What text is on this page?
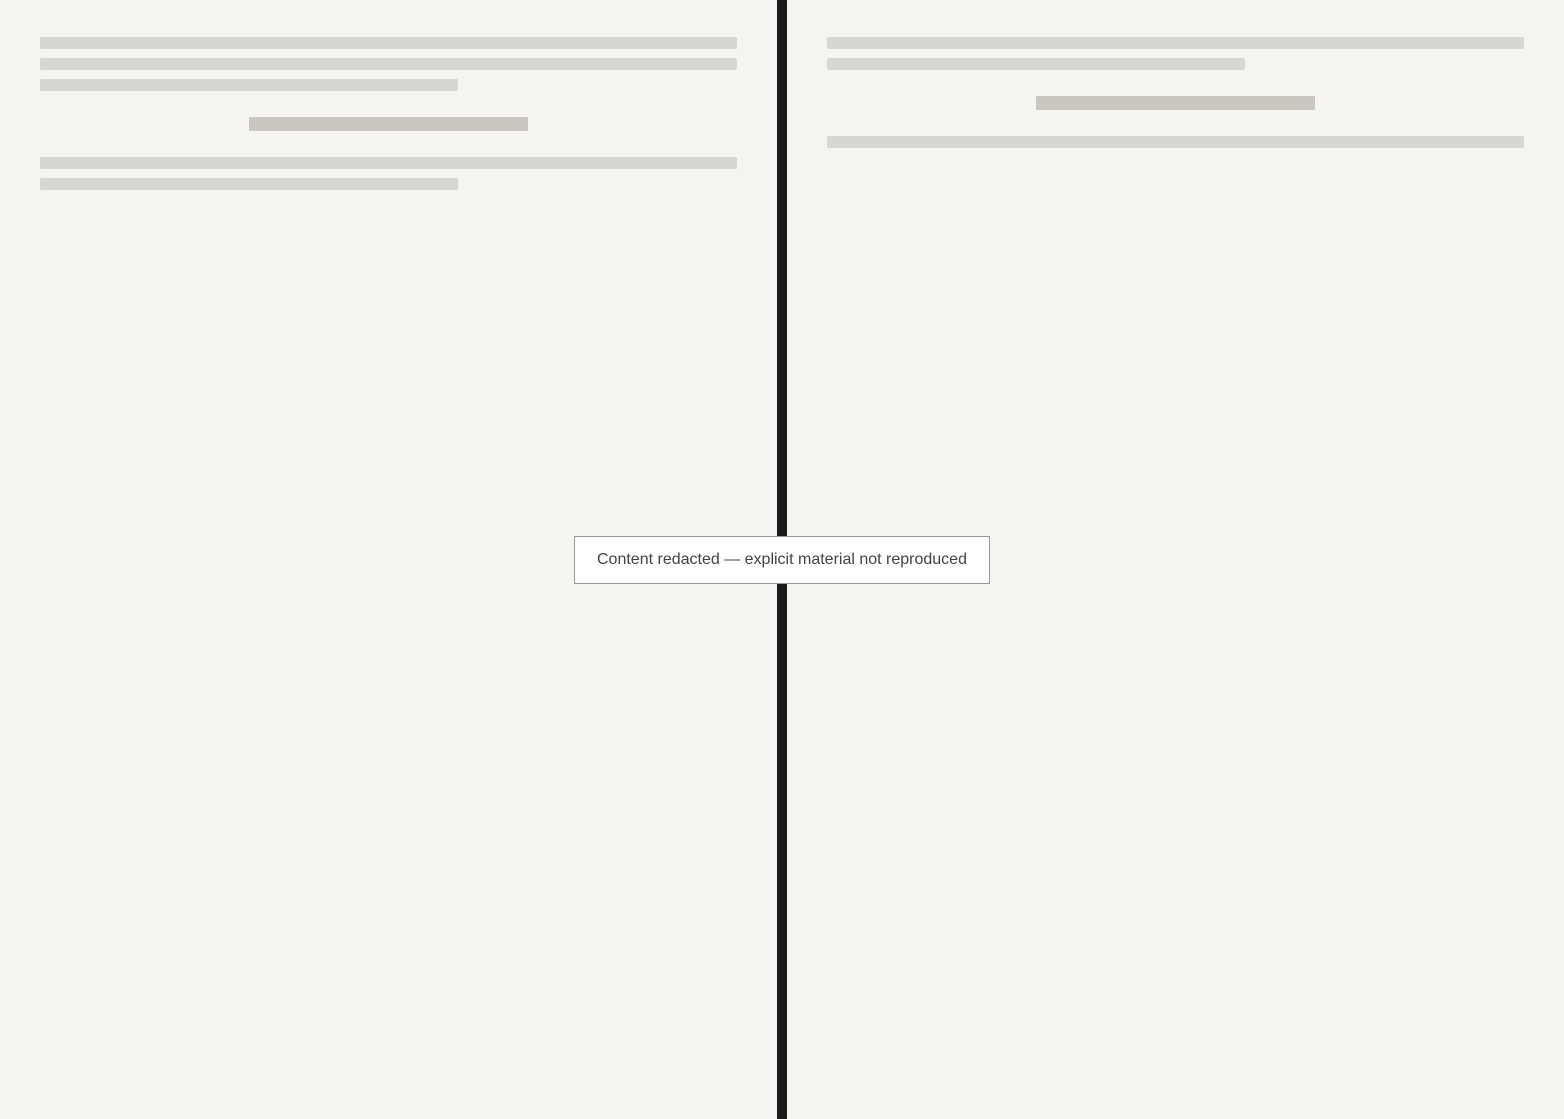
Content redacted — explicit material not reproduced
